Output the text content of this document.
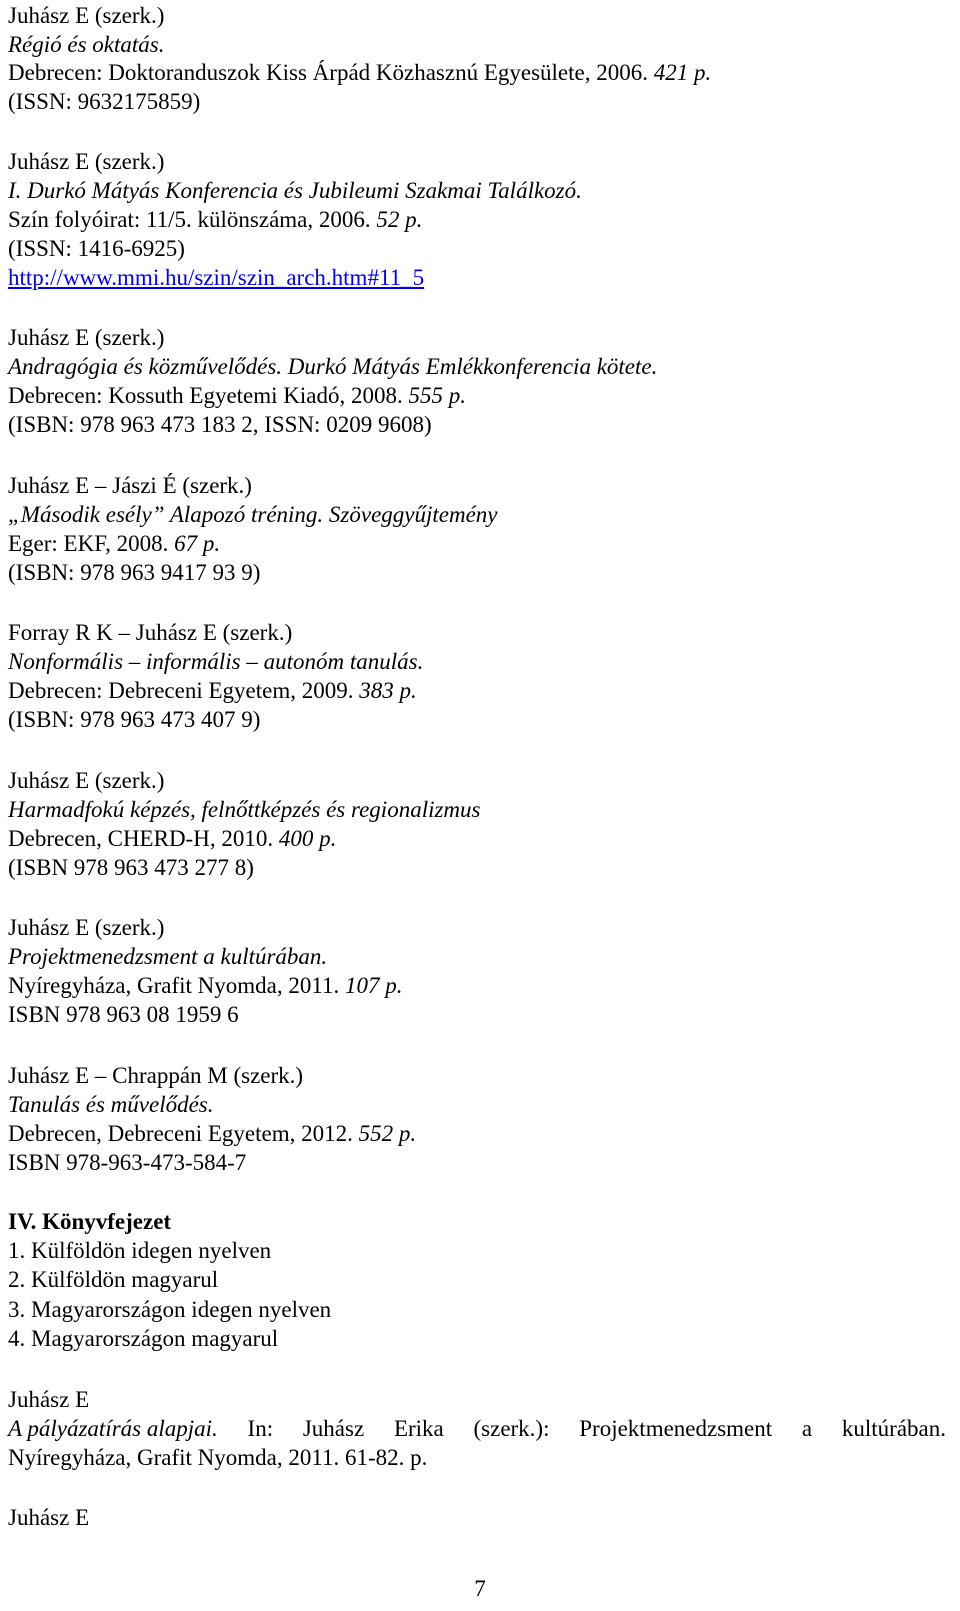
Juhász E (szerk.)
Régió és oktatás.
Debrecen: Doktoranduszok Kiss Árpád Közhasznú Egyesülete, 2006. 421 p.
(ISSN: 9632175859)
Juhász E (szerk.)
I. Durkó Mátyás Konferencia és Jubileumi Szakmai Találkozó.
Szín folyóirat: 11/5. különszáma, 2006. 52 p.
(ISSN: 1416-6925)
http://www.mmi.hu/szin/szin_arch.htm#11_5
Juhász E (szerk.)
Andragógia és közművelődés. Durkó Mátyás Emlékkonferencia kötete.
Debrecen: Kossuth Egyetemi Kiadó, 2008. 555 p.
(ISBN: 978 963 473 183 2, ISSN: 0209 9608)
Juhász E – Jászi É (szerk.)
„Második esély” Alapozó tréning. Szöveggyűjtemény
Eger: EKF, 2008. 67 p.
(ISBN: 978 963 9417 93 9)
Forray R K – Juhász E (szerk.)
Nonformális – informális – autonóm tanulás.
Debrecen: Debreceni Egyetem, 2009. 383 p.
(ISBN: 978 963 473 407 9)
Juhász E (szerk.)
Harmadfokú képzés, felnőttképzés és regionalizmus
Debrecen, CHERD-H, 2010. 400 p.
(ISBN 978 963 473 277 8)
Juhász E (szerk.)
Projektmenedzsment a kultúrában.
Nyíregyháza, Grafit Nyomda, 2011. 107 p.
ISBN 978 963 08 1959 6
Juhász E – Chrappán M (szerk.)
Tanulás és művelődés.
Debrecen, Debreceni Egyetem, 2012. 552 p.
ISBN 978-963-473-584-7
IV. Könyvfejezet
1. Külföldön idegen nyelven
2. Külföldön magyarul
3. Magyarországon idegen nyelven
4. Magyarországon magyarul
Juhász E
A pályázatírás alapjai. In: Juhász Erika (szerk.): Projektmenedzsment a kultúrában.
Nyíregyháza, Grafit Nyomda, 2011. 61-82. p.
Juhász E
7
